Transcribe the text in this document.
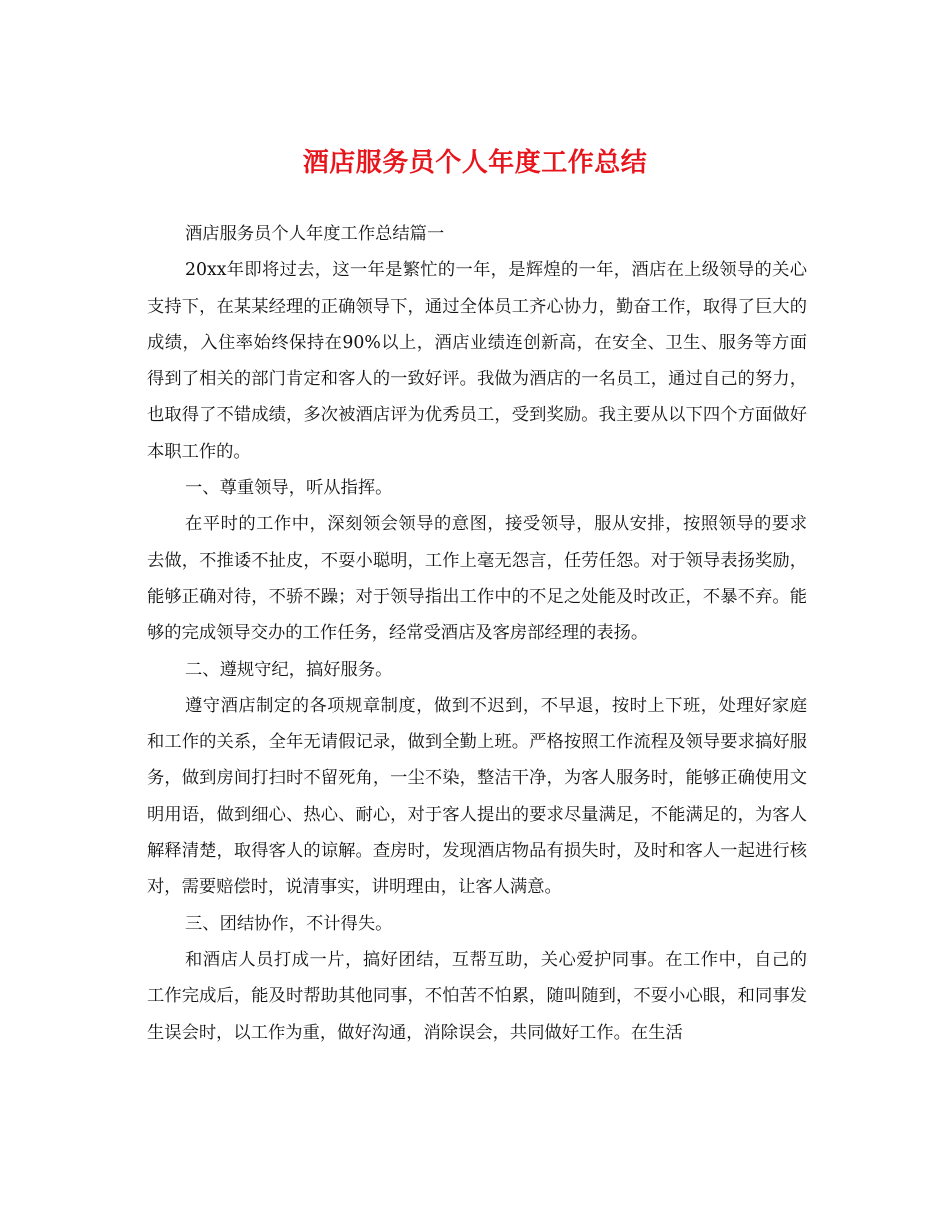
酒店服务员个人年度工作总结

酒店服务员个人年度工作总结篇一

20xx年即将过去，这一年是繁忙的一年，是辉煌的一年，酒店在上级领导的关心支持下，在某某经理的正确领导下，通过全体员工齐心协力，勤奋工作，取得了巨大的成绩，入住率始终保持在90%以上，酒店业绩连创新高，在安全、卫生、服务等方面得到了相关的部门肯定和客人的一致好评。我做为酒店的一名员工，通过自己的努力，也取得了不错成绩，多次被酒店评为优秀员工，受到奖励。我主要从以下四个方面做好本职工作的。

一、尊重领导，听从指挥。

在平时的工作中，深刻领会领导的意图，接受领导，服从安排，按照领导的要求去做，不推诿不扯皮，不耍小聪明，工作上毫无怨言，任劳任怨。对于领导表扬奖励，能够正确对待，不骄不躁；对于领导指出工作中的不足之处能及时改正，不暴不弃。能够的完成领导交办的工作任务，经常受酒店及客房部经理的表扬。

二、遵规守纪，搞好服务。

遵守酒店制定的各项规章制度，做到不迟到，不早退，按时上下班，处理好家庭和工作的关系，全年无请假记录，做到全勤上班。严格按照工作流程及领导要求搞好服务，做到房间打扫时不留死角，一尘不染，整洁干净，为客人服务时，能够正确使用文明用语，做到细心、热心、耐心，对于客人提出的要求尽量满足，不能满足的，为客人解释清楚，取得客人的谅解。查房时，发现酒店物品有损失时，及时和客人一起进行核对，需要赔偿时，说清事实，讲明理由，让客人满意。

三、团结协作，不计得失。

和酒店人员打成一片，搞好团结，互帮互助，关心爱护同事。在工作中，自己的工作完成后，能及时帮助其他同事，不怕苦不怕累，随叫随到，不耍小心眼，和同事发生误会时，以工作为重，做好沟通，消除误会，共同做好工作。在生活
